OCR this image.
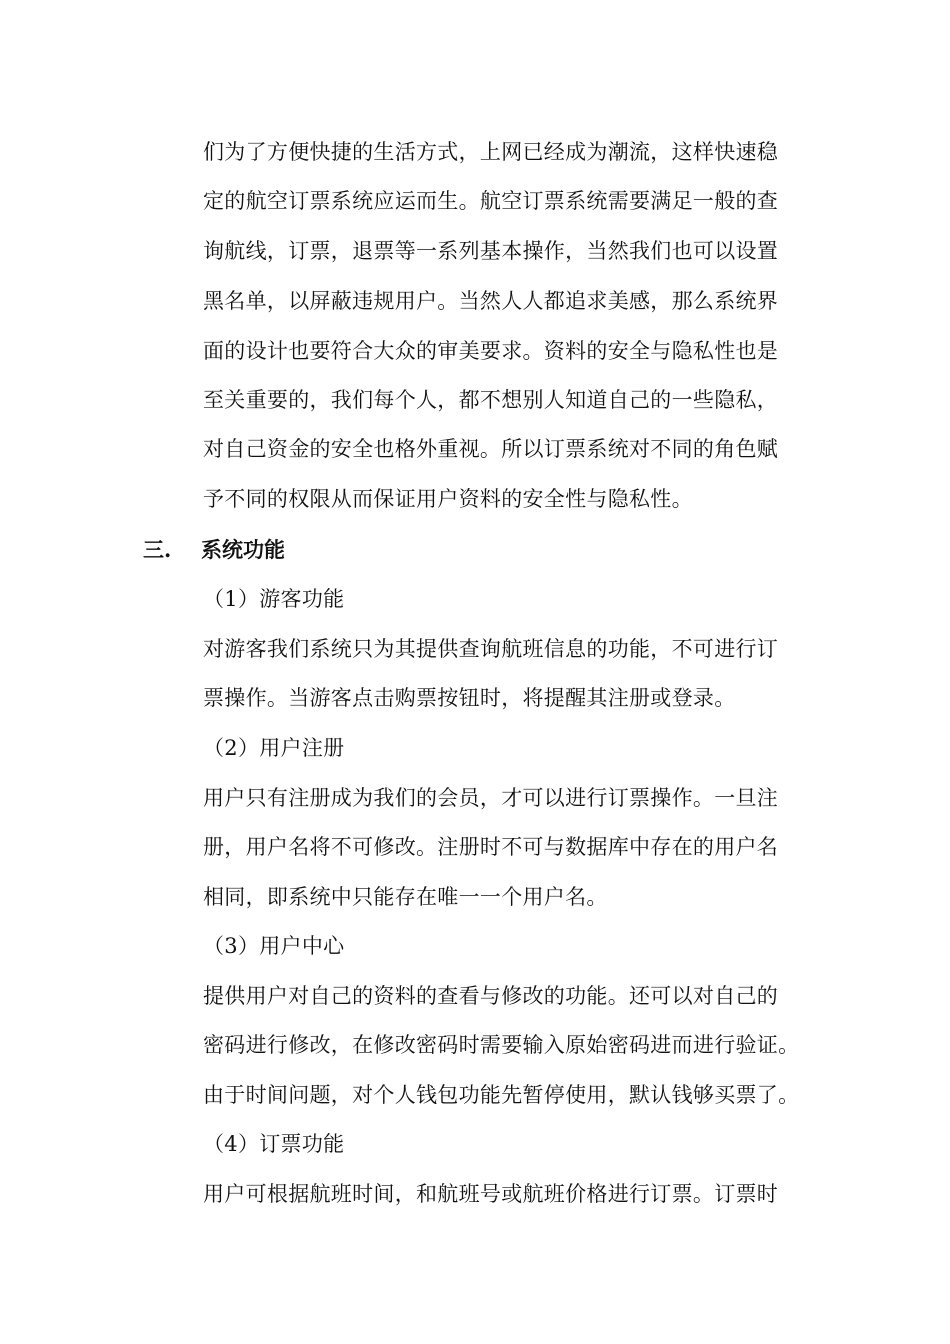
们为了方便快捷的生活方式，上网已经成为潮流，这样快速稳
定的航空订票系统应运而生。航空订票系统需要满足一般的查
询航线，订票，退票等一系列基本操作，当然我们也可以设置
黑名单，以屏蔽违规用户。当然人人都追求美感，那么系统界
面的设计也要符合大众的审美要求。资料的安全与隐私性也是
至关重要的，我们每个人，都不想别人知道自己的一些隐私，
对自己资金的安全也格外重视。所以订票系统对不同的角色赋
予不同的权限从而保证用户资料的安全性与隐私性。
三. 系统功能
（1）游客功能
对游客我们系统只为其提供查询航班信息的功能，不可进行订
票操作。当游客点击购票按钮时，将提醒其注册或登录。
（2）用户注册
用户只有注册成为我们的会员，才可以进行订票操作。一旦注
册，用户名将不可修改。注册时不可与数据库中存在的用户名
相同，即系统中只能存在唯一一个用户名。
（3）用户中心
提供用户对自己的资料的查看与修改的功能。还可以对自己的
密码进行修改，在修改密码时需要输入原始密码进而进行验证。
由于时间问题，对个人钱包功能先暂停使用，默认钱够买票了。
（4）订票功能
用户可根据航班时间，和航班号或航班价格进行订票。订票时
